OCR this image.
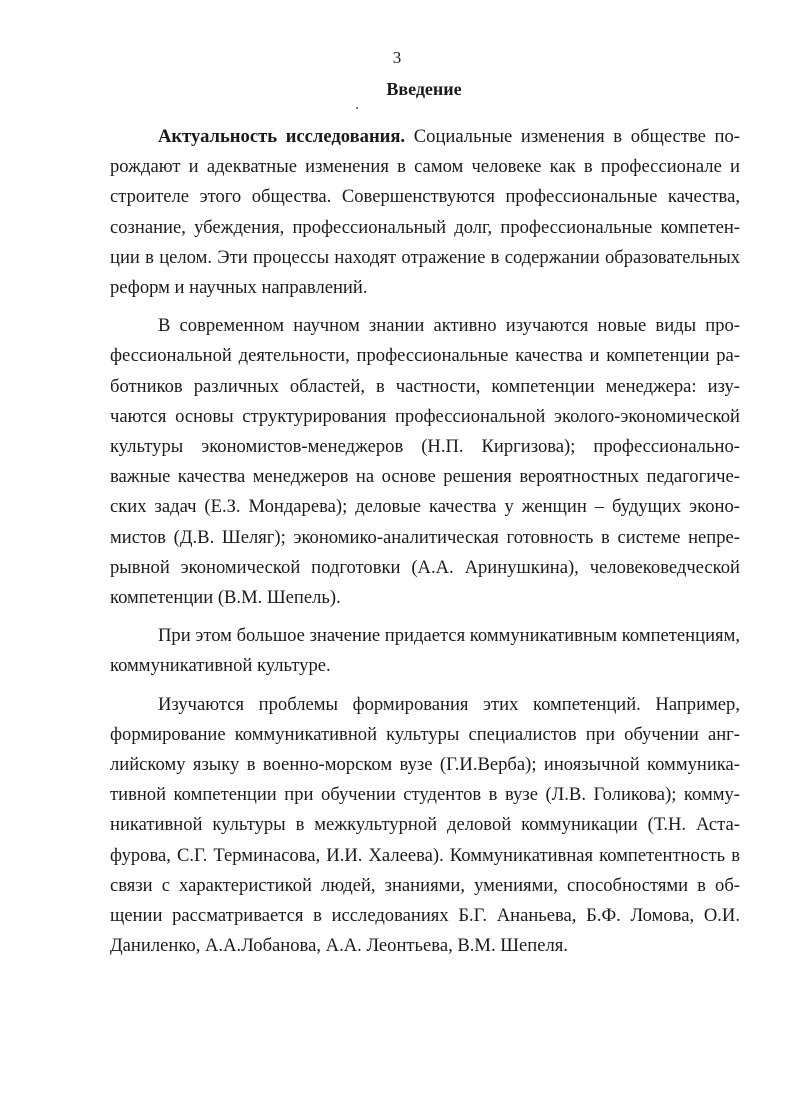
3
Введение

Актуальность исследования. Социальные изменения в обществе порождают и адекватные изменения в самом человеке как в профессионале и строителе этого общества. Совершенствуются профессиональные качества, сознание, убеждения, профессиональный долг, профессиональные компетенции в целом. Эти процессы находят отражение в содержании образовательных реформ и научных направлений.

В современном научном знании активно изучаются новые виды профессиональной деятельности, профессиональные качества и компетенции работников различных областей, в частности, компетенции менеджера: изучаются основы структурирования профессиональной эколого-экономической культуры экономистов-менеджеров (Н.П. Киргизова); профессионально-важные качества менеджеров на основе решения вероятностных педагогических задач (Е.З. Мондарева); деловые качества у женщин – будущих экономистов (Д.В. Шеляг); экономико-аналитическая готовность в системе непрерывной экономической подготовки (А.А. Аринушкина), человековедческой компетенции (В.М. Шепель).

При этом большое значение придается коммуникативным компетенциям, коммуникативной культуре.

Изучаются проблемы формирования этих компетенций. Например, формирование коммуникативной культуры специалистов при обучении английскому языку в военно-морском вузе (Г.И.Верба); иноязычной коммуникативной компетенции при обучении студентов в вузе (Л.В. Голикова); коммуникативной культуры в межкультурной деловой коммуникации (Т.Н. Астафурова, С.Г. Терминасова, И.И. Халеева). Коммуникативная компетентность в связи с характеристикой людей, знаниями, умениями, способностями в общении рассматривается в исследованиях Б.Г. Ананьева, Б.Ф. Ломова, О.И. Даниленко, А.А.Лобанова, А.А. Леонтьева, В.М. Шепеля.
